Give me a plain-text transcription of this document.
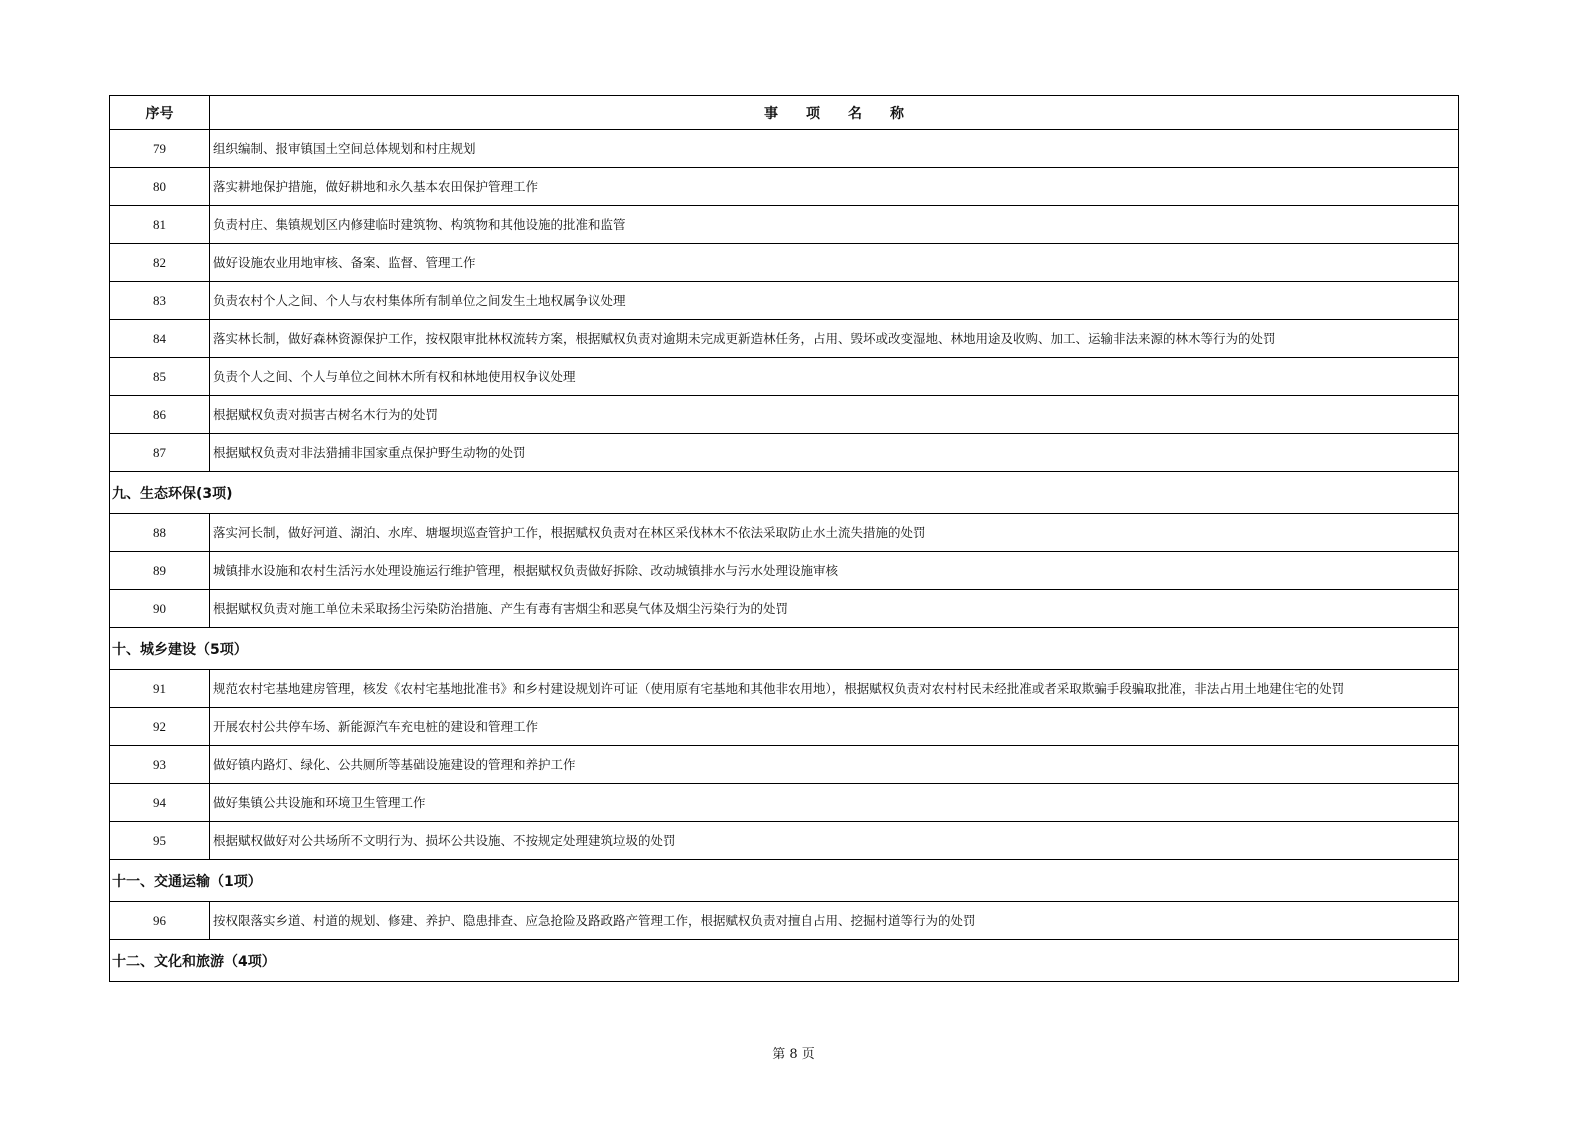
序号	事　　项　　名　　称
79	组织编制、报审镇国土空间总体规划和村庄规划
80	落实耕地保护措施，做好耕地和永久基本农田保护管理工作
81	负责村庄、集镇规划区内修建临时建筑物、构筑物和其他设施的批准和监管
82	做好设施农业用地审核、备案、监督、管理工作
83	负责农村个人之间、个人与农村集体所有制单位之间发生土地权属争议处理
84	落实林长制，做好森林资源保护工作，按权限审批林权流转方案，根据赋权负责对逾期未完成更新造林任务，占用、毁坏或改变湿地、林地用途及收购、加工、运输非法来源的林木等行为的处罚
85	负责个人之间、个人与单位之间林木所有权和林地使用权争议处理
86	根据赋权负责对损害古树名木行为的处罚
87	根据赋权负责对非法猎捕非国家重点保护野生动物的处罚
九、生态环保(3项)	
88	落实河长制，做好河道、湖泊、水库、塘堰坝巡查管护工作，根据赋权负责对在林区采伐林木不依法采取防止水土流失措施的处罚
89	城镇排水设施和农村生活污水处理设施运行维护管理，根据赋权负责做好拆除、改动城镇排水与污水处理设施审核
90	根据赋权负责对施工单位未采取扬尘污染防治措施、产生有毒有害烟尘和恶臭气体及烟尘污染行为的处罚
十、城乡建设（5项）	
91	规范农村宅基地建房管理，核发《农村宅基地批准书》和乡村建设规划许可证（使用原有宅基地和其他非农用地），根据赋权负责对农村村民未经批准或者采取欺骗手段骗取批准，非法占用土地建住宅的处罚
92	开展农村公共停车场、新能源汽车充电桩的建设和管理工作
93	做好镇内路灯、绿化、公共厕所等基础设施建设的管理和养护工作
94	做好集镇公共设施和环境卫生管理工作
95	根据赋权做好对公共场所不文明行为、损坏公共设施、不按规定处理建筑垃圾的处罚
十一、交通运输（1项）	
96	按权限落实乡道、村道的规划、修建、养护、隐患排查、应急抢险及路政路产管理工作，根据赋权负责对擅自占用、挖掘村道等行为的处罚
十二、文化和旅游（4项）	
第 8 页
